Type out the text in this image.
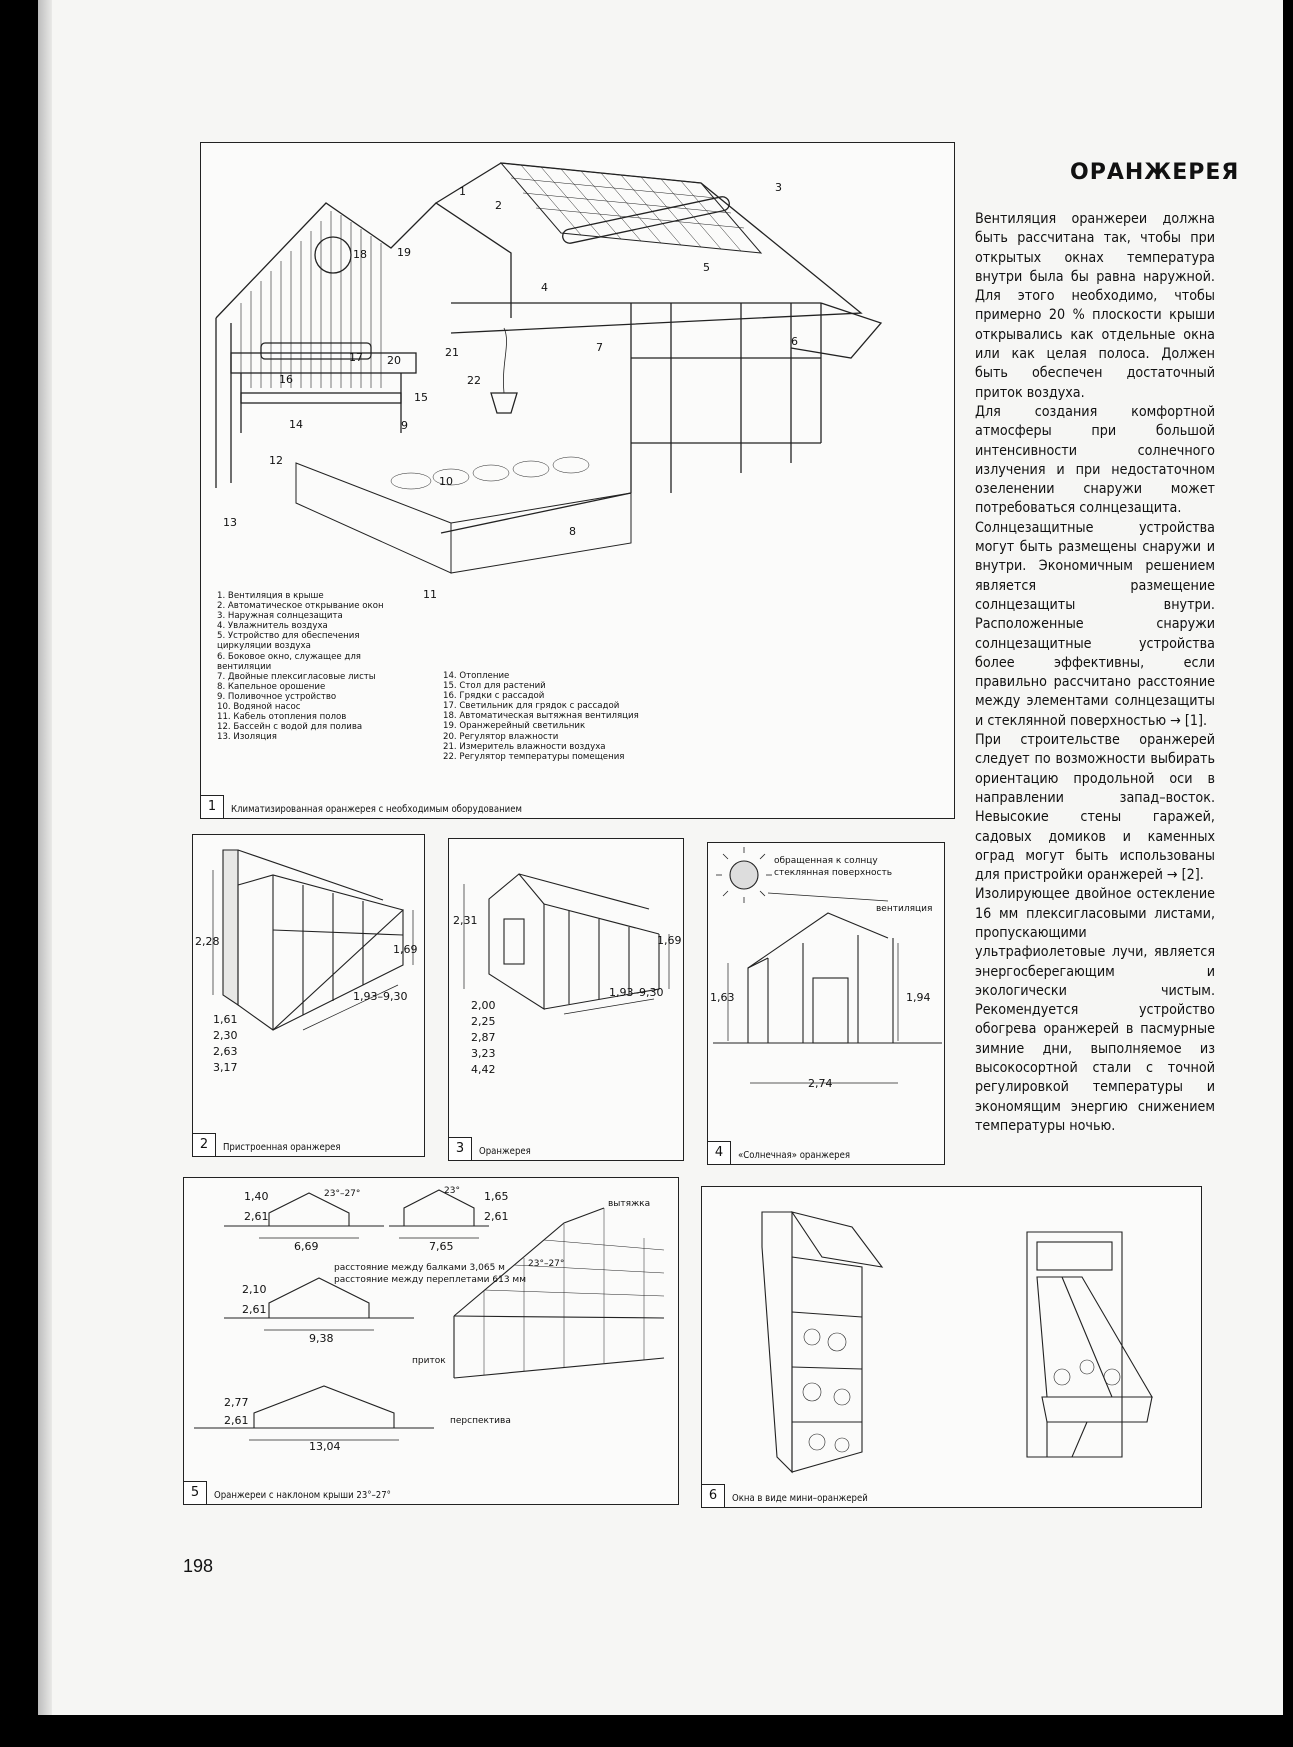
1
2
3
4
5
6
7
8
9
10
11
12
13
14
15
16
17
18	19
20
21
22
1. Вентиляция в крыше
2. Автоматическое открывание окон
3. Наружная солнцезащита
4. Увлажнитель воздуха
5. Устройство для обеспечения
циркуляции воздуха
6. Боковое окно, служащее для
вентиляции
7. Двойные плексигласовые листы
8. Капельное орошение
9. Поливочное устройство
10. Водяной насос
11. Кабель отопления полов
12. Бассейн с водой для полива
13. Изоляция
14. Отопление
15. Стол для растений
16. Грядки с рассадой
17. Светильник для грядок с рассадой
18. Автоматическая вытяжная вентиляция
19. Оранжерейный светильник
20. Регулятор влажности
21. Измеритель влажности воздуха
22. Регулятор температуры помещения
1	Климатизированная оранжерея с необходимым оборудованием
2,28
1,69
1,93–9,30
1,61
2,30
2,63
3,17
2	Пристроенная оранжерея
2,31
1,69
1,93–9,30
2,00
2,25
2,87
3,23
4,42
3	Оранжерея
обращенная к солнцу
стеклянная поверхность
вентиляция
1,63	1,94
2,74
4	«Солнечная» оранжерея
1,40
2,61
6,69
23°–27°	1,65
2,61
7,65
23°
2,10
2,61
9,38
2,77
2,61
13,04
23°–27°
расстояние между балками 3,065 м
расстояние между переплетами 613 мм
вытяжка
приток
перспектива
5	Оранжереи с наклоном крыши 23°–27°	6	Окна в виде мини–оранжерей
ОРАНЖЕРЕЯ

Вентиляция оранжереи должна быть рассчитана так, чтобы при открытых окнах температура внутри была бы равна наружной. Для этого необходимо, чтобы примерно 20 % плоскости крыши открывались как отдельные окна или как целая полоса. Должен быть обеспечен достаточный приток воздуха.

Для создания комфортной атмосферы при большой интенсивности солнечного излучения и при недостаточном озеленении снаружи может потребоваться солнцезащита.

Солнцезащитные устройства могут быть размещены снаружи и внутри. Экономичным решением является размещение солнцезащиты внутри. Расположенные снаружи солнцезащитные устройства более эффективны, если правильно рассчитано расстояние между элементами солнцезащиты и стеклянной поверхностью → [1].

При строительстве оранжерей следует по возможности выбирать ориентацию продольной оси в направлении запад–восток. Невысокие стены гаражей, садовых домиков и каменных оград могут быть использованы для пристройки оранжерей → [2].

Изолирующее двойное остекление 16 мм плексигласовыми листами, пропускающими ультрафиолетовые лучи, является энергосберегающим и экологически чистым. Рекомендуется устройство обогрева оранжерей в пасмурные зимние дни, выполняемое из высокосортной стали с точной регулировкой температуры и экономящим энергию снижением температуры ночью.

198
